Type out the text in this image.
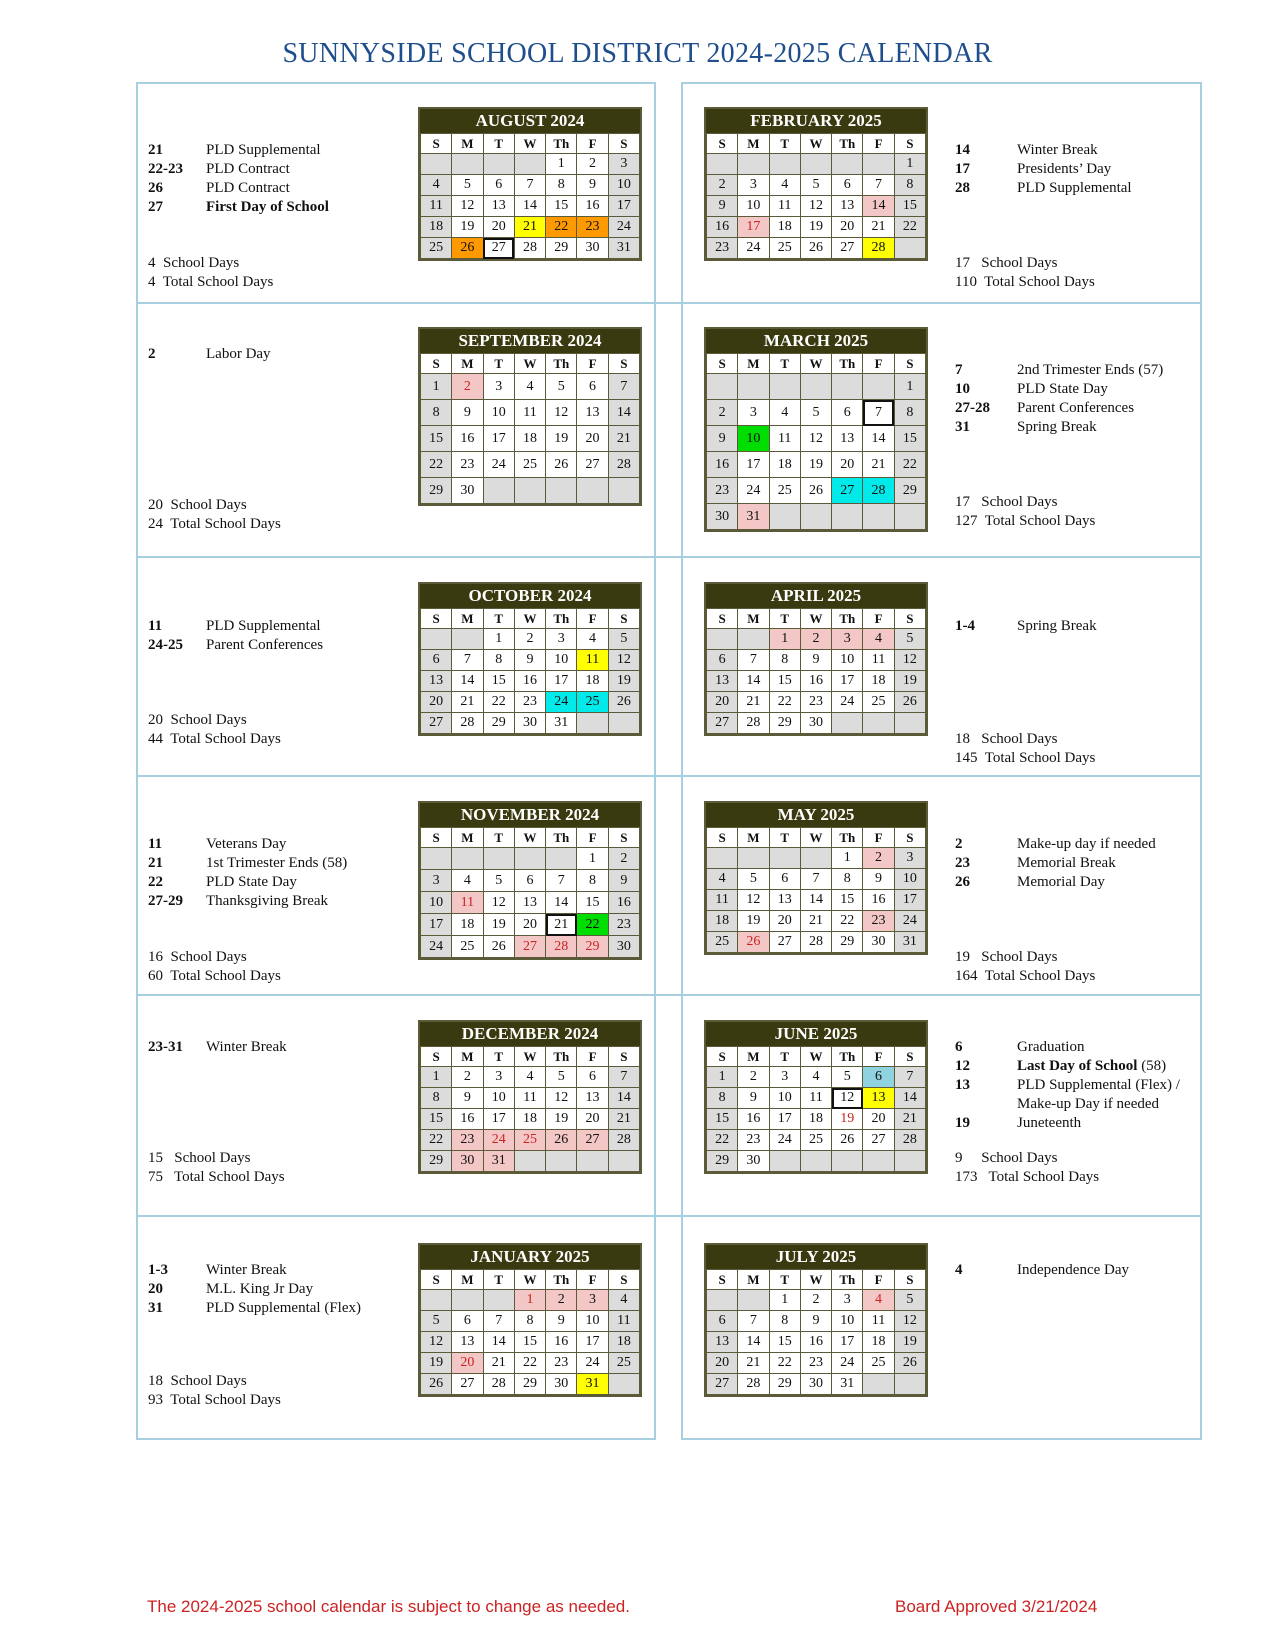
SUNNYSIDE SCHOOL DISTRICT 2024-2025 CALENDAR
AUGUST 2024
S	M	T	W	Th	F	S
				1	2	3
4	5	6	7	8	9	10
11	12	13	14	15	16	17
18	19	20	21	22	23	24
25	26	27	28	29	30	31
21	PLD Supplemental
22-23	PLD Contract
26	PLD Contract
27	First Day of School
4  School Days
4  Total School Days
SEPTEMBER 2024
S	M	T	W	Th	F	S
1	2	3	4	5	6	7
8	9	10	11	12	13	14
15	16	17	18	19	20	21
22	23	24	25	26	27	28
29	30					
2	Labor Day
20  School Days
24  Total School Days
OCTOBER 2024
S	M	T	W	Th	F	S
		1	2	3	4	5
6	7	8	9	10	11	12
13	14	15	16	17	18	19
20	21	22	23	24	25	26
27	28	29	30	31		
11	PLD Supplemental
24-25	Parent Conferences
20  School Days
44  Total School Days
NOVEMBER 2024
S	M	T	W	Th	F	S
					1	2
3	4	5	6	7	8	9
10	11	12	13	14	15	16
17	18	19	20	21	22	23
24	25	26	27	28	29	30
11	Veterans Day
21	1st Trimester Ends (58)
22	PLD State Day
27-29	Thanksgiving Break
16  School Days
60  Total School Days
DECEMBER 2024
S	M	T	W	Th	F	S
1	2	3	4	5	6	7
8	9	10	11	12	13	14
15	16	17	18	19	20	21
22	23	24	25	26	27	28
29	30	31				
23-31	Winter Break
15   School Days
75   Total School Days
JANUARY 2025
S	M	T	W	Th	F	S
			1	2	3	4
5	6	7	8	9	10	11
12	13	14	15	16	17	18
19	20	21	22	23	24	25
26	27	28	29	30	31	
1-3	Winter Break
20	M.L. King Jr Day
31	PLD Supplemental (Flex)
18  School Days
93  Total School Days
FEBRUARY 2025
S	M	T	W	Th	F	S
						1
2	3	4	5	6	7	8
9	10	11	12	13	14	15
16	17	18	19	20	21	22
23	24	25	26	27	28	
14	Winter Break
17	Presidents’ Day
28	PLD Supplemental
17   School Days
110  Total School Days
MARCH 2025
S	M	T	W	Th	F	S
						1
2	3	4	5	6	7	8
9	10	11	12	13	14	15
16	17	18	19	20	21	22
23	24	25	26	27	28	29
30	31					
7	2nd Trimester Ends (57)
10	PLD State Day
27-28	Parent Conferences
31	Spring Break
17   School Days
127  Total School Days
APRIL 2025
S	M	T	W	Th	F	S
		1	2	3	4	5
6	7	8	9	10	11	12
13	14	15	16	17	18	19
20	21	22	23	24	25	26
27	28	29	30			
1-4	Spring Break
18   School Days
145  Total School Days
MAY 2025
S	M	T	W	Th	F	S
				1	2	3
4	5	6	7	8	9	10
11	12	13	14	15	16	17
18	19	20	21	22	23	24
25	26	27	28	29	30	31
2	Make-up day if needed
23	Memorial Break
26	Memorial Day
19   School Days
164  Total School Days
JUNE 2025
S	M	T	W	Th	F	S
1	2	3	4	5	6	7
8	9	10	11	12	13	14
15	16	17	18	19	20	21
22	23	24	25	26	27	28
29	30					
6	Graduation
12	Last Day of School (58)
13	PLD Supplemental (Flex) /
Make-up Day if needed
19	Juneteenth
9     School Days
173   Total School Days
JULY 2025
S	M	T	W	Th	F	S
		1	2	3	4	5
6	7	8	9	10	11	12
13	14	15	16	17	18	19
20	21	22	23	24	25	26
27	28	29	30	31		
4	Independence Day
The 2024-2025 school calendar is subject to change as needed.	Board Approved 3/21/2024
